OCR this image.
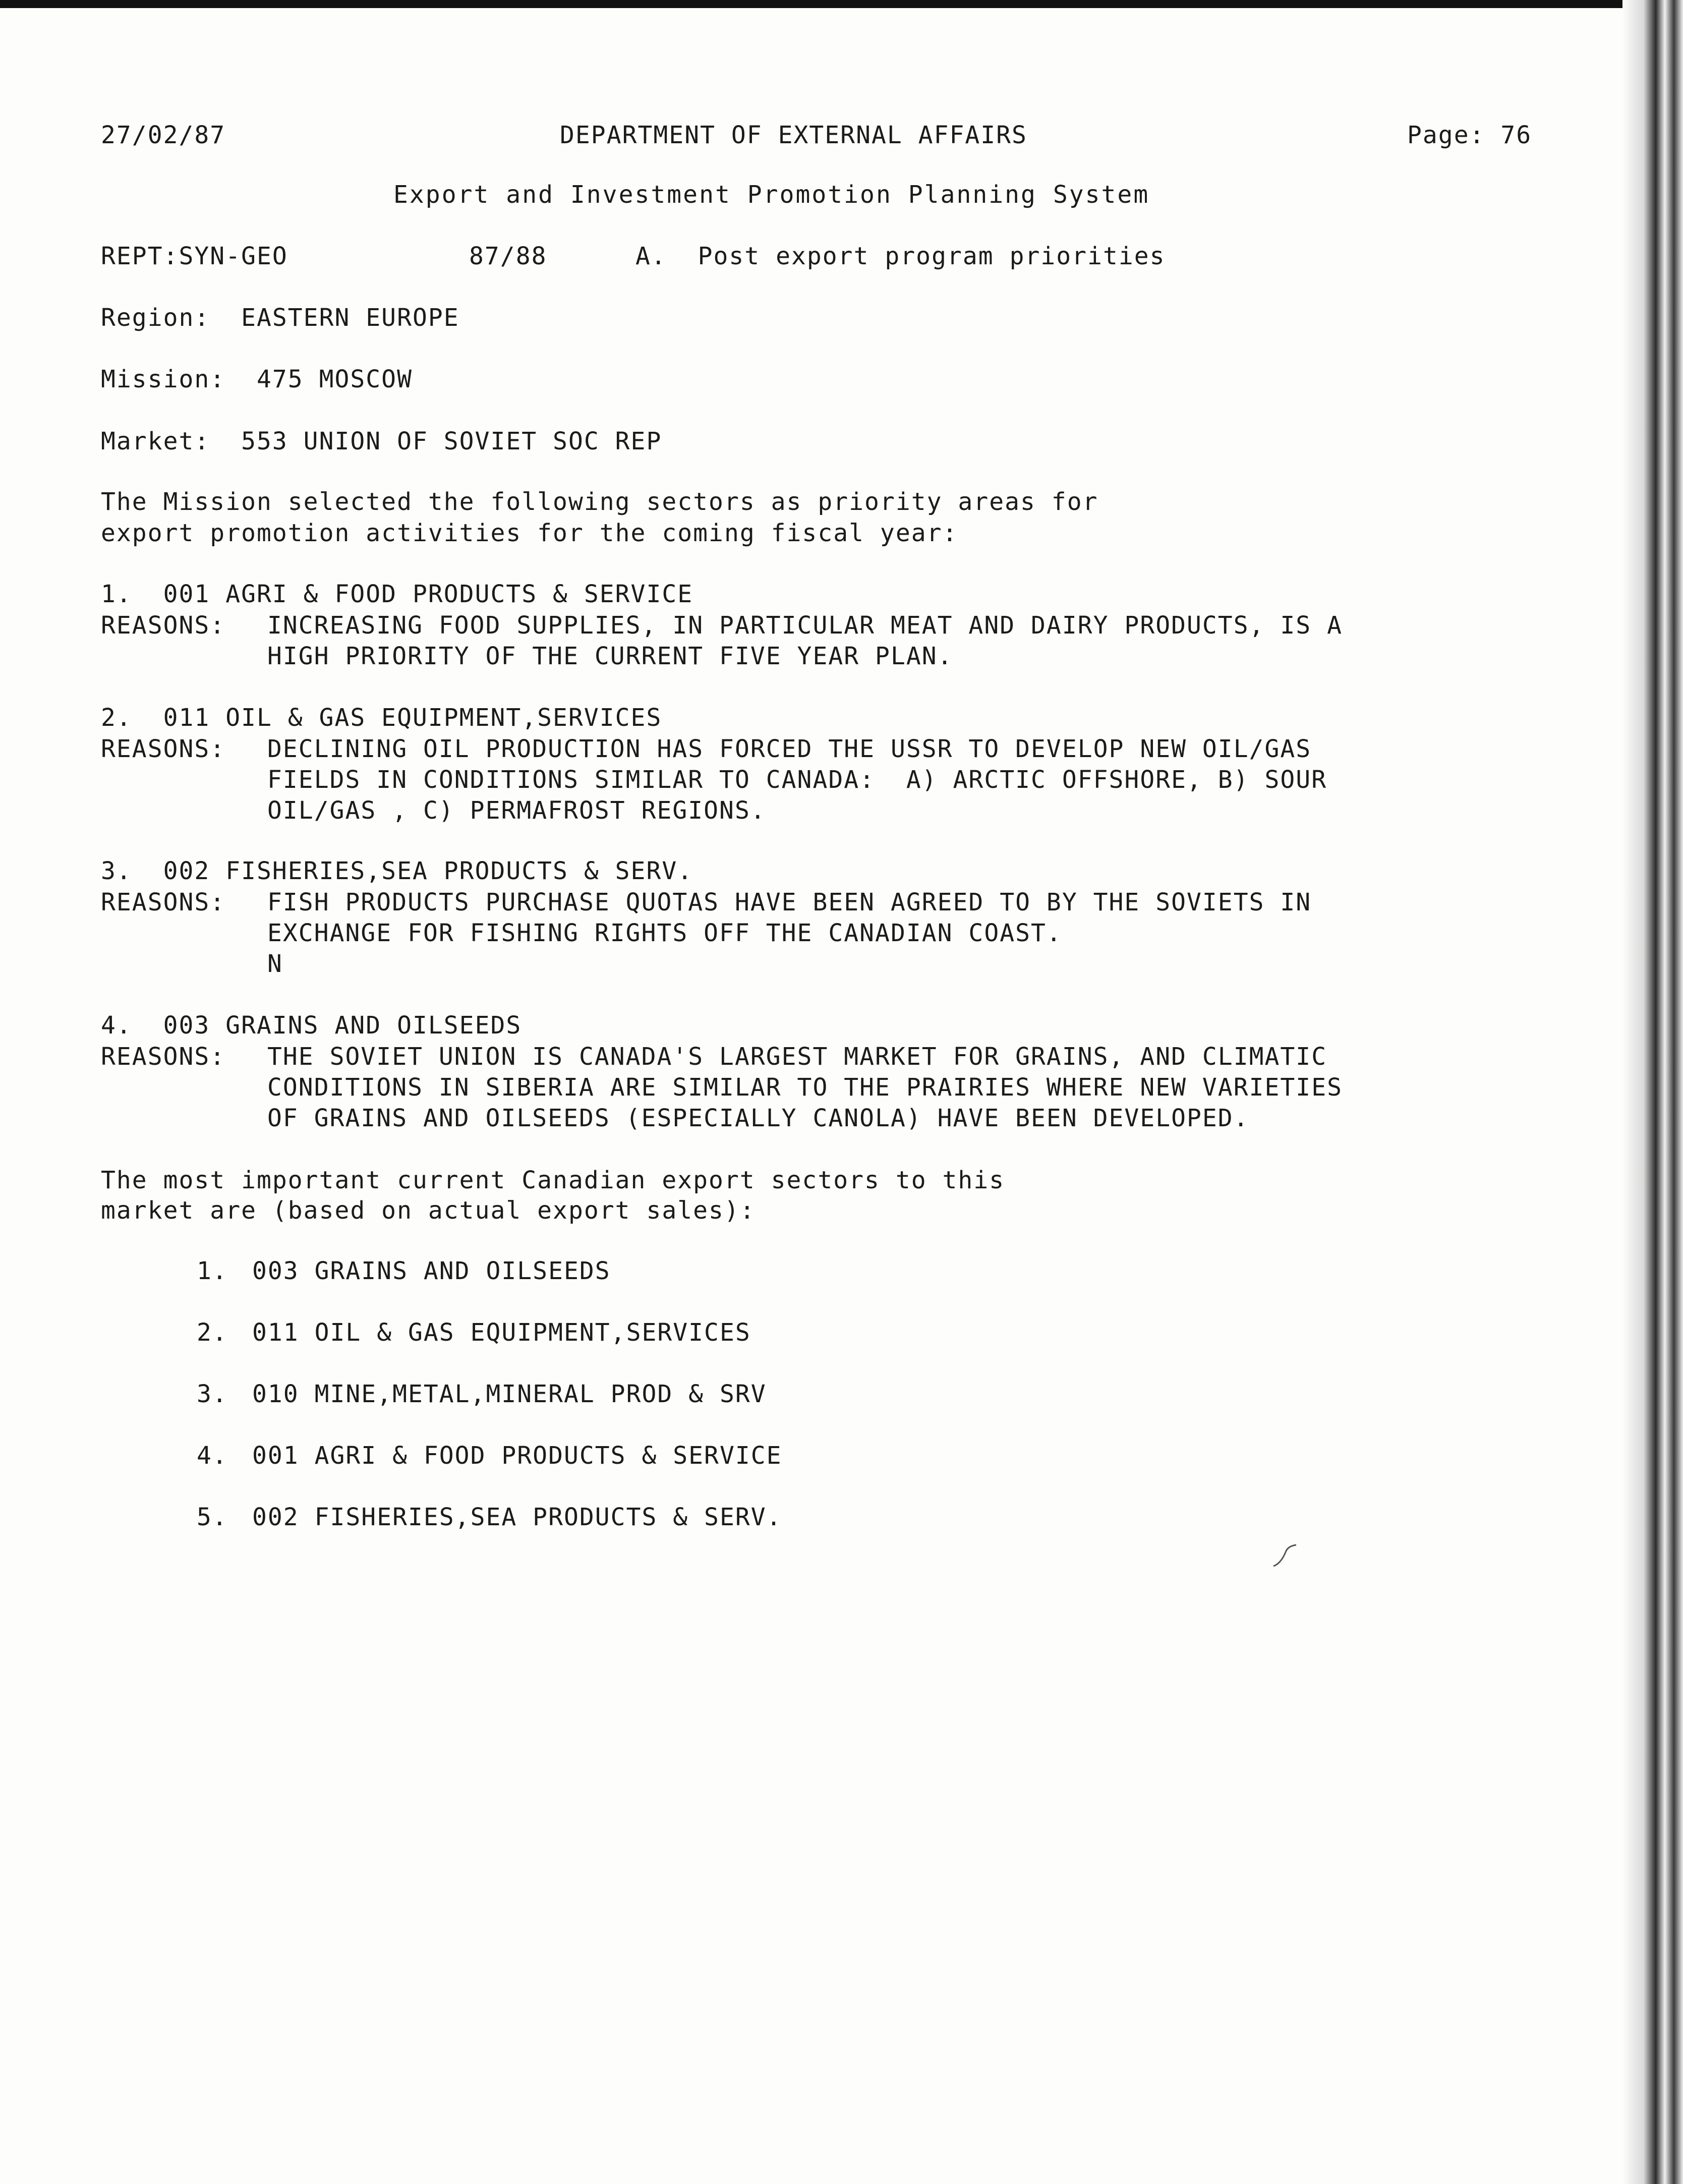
27/02/87	DEPARTMENT OF EXTERNAL AFFAIRS	Page: 76
Export and Investment Promotion Planning System
REPT:SYN-GEO	87/88	A.  Post export program priorities
Region:  EASTERN EUROPE
Mission:  475 MOSCOW
Market:  553 UNION OF SOVIET SOC REP
The Mission selected the following sectors as priority areas for
export promotion activities for the coming fiscal year:
1.  001 AGRI & FOOD PRODUCTS & SERVICE
REASONS: INCREASING FOOD SUPPLIES, IN PARTICULAR MEAT AND DAIRY PRODUCTS, IS A
HIGH PRIORITY OF THE CURRENT FIVE YEAR PLAN.
2.  011 OIL & GAS EQUIPMENT,SERVICES
REASONS: DECLINING OIL PRODUCTION HAS FORCED THE USSR TO DEVELOP NEW OIL/GAS
FIELDS IN CONDITIONS SIMILAR TO CANADA:  A) ARCTIC OFFSHORE, B) SOUR
OIL/GAS , C) PERMAFROST REGIONS.
3.  002 FISHERIES,SEA PRODUCTS & SERV.
REASONS: FISH PRODUCTS PURCHASE QUOTAS HAVE BEEN AGREED TO BY THE SOVIETS IN
EXCHANGE FOR FISHING RIGHTS OFF THE CANADIAN COAST.
N
4.  003 GRAINS AND OILSEEDS
REASONS: THE SOVIET UNION IS CANADA'S LARGEST MARKET FOR GRAINS, AND CLIMATIC
CONDITIONS IN SIBERIA ARE SIMILAR TO THE PRAIRIES WHERE NEW VARIETIES
OF GRAINS AND OILSEEDS (ESPECIALLY CANOLA) HAVE BEEN DEVELOPED.
The most important current Canadian export sectors to this
market are (based on actual export sales):
1. 003 GRAINS AND OILSEEDS
2. 011 OIL & GAS EQUIPMENT,SERVICES
3. 010 MINE,METAL,MINERAL PROD & SRV
4. 001 AGRI & FOOD PRODUCTS & SERVICE
5. 002 FISHERIES,SEA PRODUCTS & SERV.
